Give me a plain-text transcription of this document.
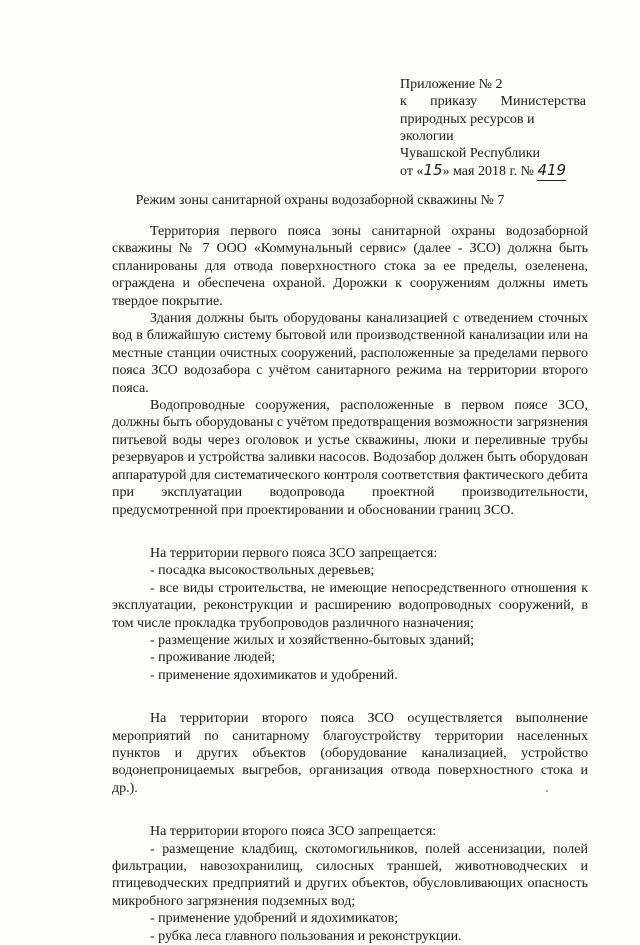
Приложение № 2
к приказу Министерства
природных ресурсов и экологии
Чувашской Республики
от «15» мая 2018 г. № 419
Режим зоны санитарной охраны водозаборной скважины № 7

Территория первого пояса зоны санитарной охраны водозаборной скважины № 7 ООО «Коммунальный сервис» (далее - ЗСО) должна быть спланированы для отвода поверхностного стока за ее пределы, озеленена, ограждена и обеспечена охраной. Дорожки к сооружениям должны иметь твердое покрытие.

Здания должны быть оборудованы канализацией с отведением сточных вод в ближайшую систему бытовой или производственной канализации или на местные станции очистных сооружений, расположенные за пределами первого пояса ЗСО водозабора с учётом санитарного режима на территории второго пояса.

Водопроводные сооружения, расположенные в первом поясе ЗСО, должны быть оборудованы с учётом предотвращения возможности загрязнения питьевой воды через оголовок и устье скважины, люки и переливные трубы резервуаров и устройства заливки насосов. Водозабор должен быть оборудован аппаратурой для систематического контроля соответствия фактического дебита при эксплуатации водопровода проектной производительности, предусмотренной при проектировании и обосновании границ ЗСО.

На территории первого пояса ЗСО запрещается:

- посадка высокоствольных деревьев;

- все виды строительства, не имеющие непосредственного отношения к эксплуатации, реконструкции и расширению водопроводных сооружений, в том числе прокладка трубопроводов различного назначения;

- размещение жилых и хозяйственно-бытовых зданий;

- проживание людей;

- применение ядохимикатов и удобрений.

На территории второго пояса ЗСО осуществляется выполнение мероприятий по санитарному благоустройству территории населенных пунктов и других объектов (оборудование канализацией, устройство водонепроницаемых выгребов, организация отвода поверхностного стока и др.).

На территории второго пояса ЗСО запрещается:

- размещение кладбищ, скотомогильников, полей ассенизации, полей фильтрации, навозохранилищ, силосных траншей, животноводческих и птицеводческих предприятий и других объектов, обусловливающих опасность микробного загрязнения подземных вод;

- применение удобрений и ядохимикатов;

- рубка леса главного пользования и реконструкции.
